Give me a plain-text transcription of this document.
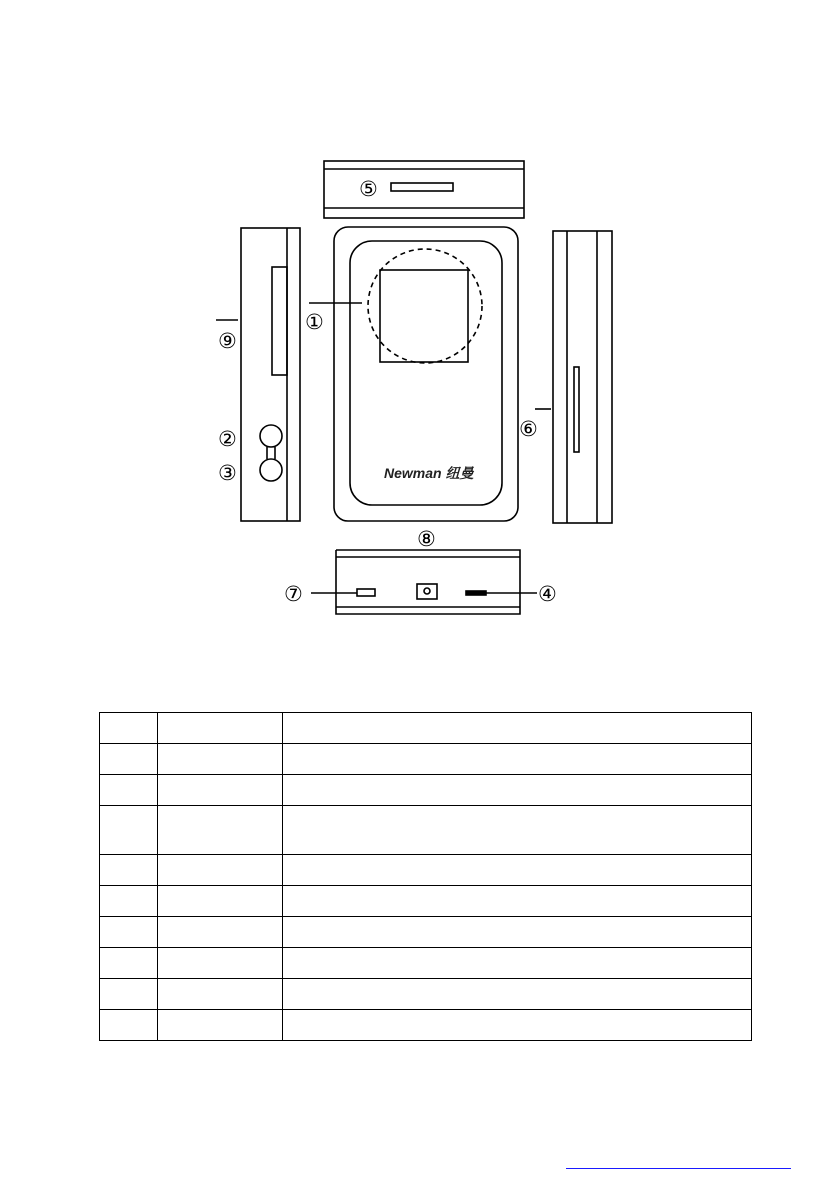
Newman 纽曼
①
②
③
④
⑤
⑥
⑦
⑧
⑨
